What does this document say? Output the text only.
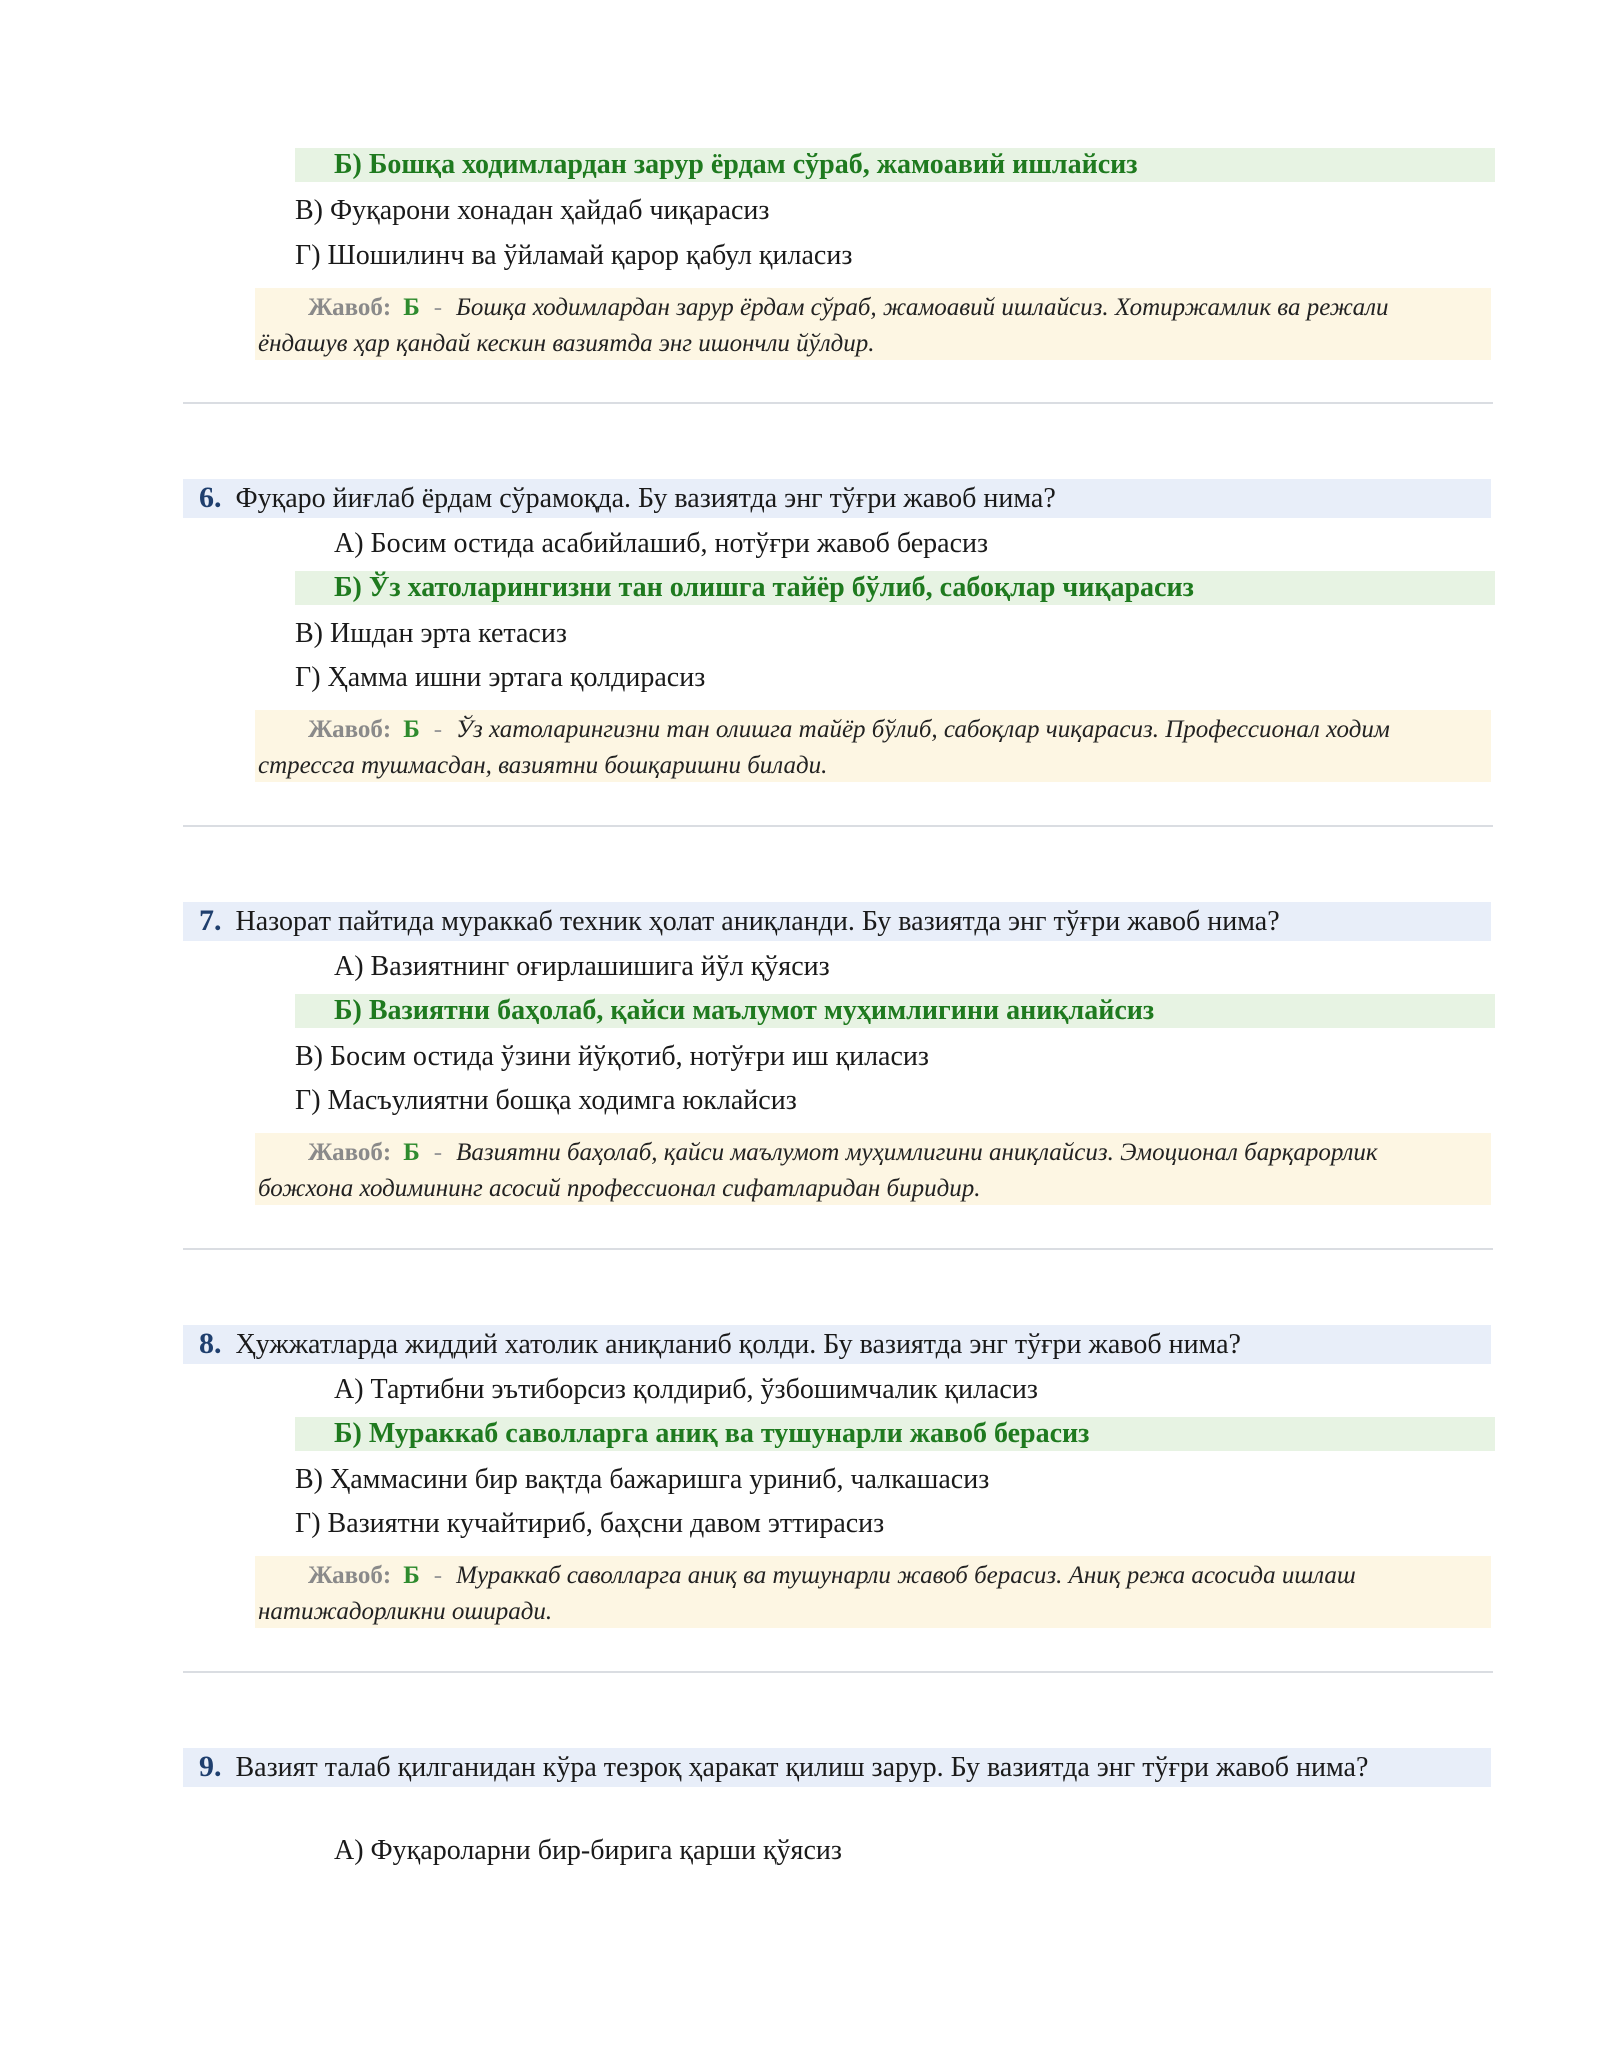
Б) Бошқа ходимлардан зарур ёрдам сўраб, жамоавий ишлайсиз
В) Фуқарони хонадан ҳайдаб чиқарасиз
Г) Шошилинч ва ўйламай қарор қабул қиласиз
Жавоб: Б - Бошқа ходимлардан зарур ёрдам сўраб, жамоавий ишлайсиз. Хотиржамлик ва режали ёндашув ҳар қандай кескин вазиятда энг ишончли йўлдир.
6. Фуқаро йиғлаб ёрдам сўрамоқда. Бу вазиятда энг тўғри жавоб нима?
А) Босим остида асабийлашиб, нотўғри жавоб берасиз
Б) Ўз хатоларингизни тан олишга тайёр бўлиб, сабоқлар чиқарасиз
В) Ишдан эрта кетасиз
Г) Ҳамма ишни эртага қолдирасиз
Жавоб: Б - Ўз хатоларингизни тан олишга тайёр бўлиб, сабоқлар чиқарасиз. Профессионал ходим стрессга тушмасдан, вазиятни бошқаришни билади.
7. Назорат пайтида мураккаб техник ҳолат аниқланди. Бу вазиятда энг тўғри жавоб нима?
А) Вазиятнинг оғирлашишига йўл қўясиз
Б) Вазиятни баҳолаб, қайси маълумот муҳимлигини аниқлайсиз
В) Босим остида ўзини йўқотиб, нотўғри иш қиласиз
Г) Масъулиятни бошқа ходимга юклайсиз
Жавоб: Б - Вазиятни баҳолаб, қайси маълумот муҳимлигини аниқлайсиз. Эмоционал барқарорлик божхона ходимининг асосий профессионал сифатларидан биридир.
8. Ҳужжатларда жиддий хатолик аниқланиб қолди. Бу вазиятда энг тўғри жавоб нима?
А) Тартибни эътиборсиз қолдириб, ўзбошимчалик қиласиз
Б) Мураккаб саволларга аниқ ва тушунарли жавоб берасиз
В) Ҳаммасини бир вақтда бажаришга уриниб, чалкашасиз
Г) Вазиятни кучайтириб, баҳсни давом эттирасиз
Жавоб: Б - Мураккаб саволларга аниқ ва тушунарли жавоб берасиз. Аниқ режа асосида ишлаш натижадорликни оширади.
9. Вазият талаб қилганидан кўра тезроқ ҳаракат қилиш зарур. Бу вазиятда энг тўғри жавоб нима?
А) Фуқароларни бир-бирига қарши қўясиз
